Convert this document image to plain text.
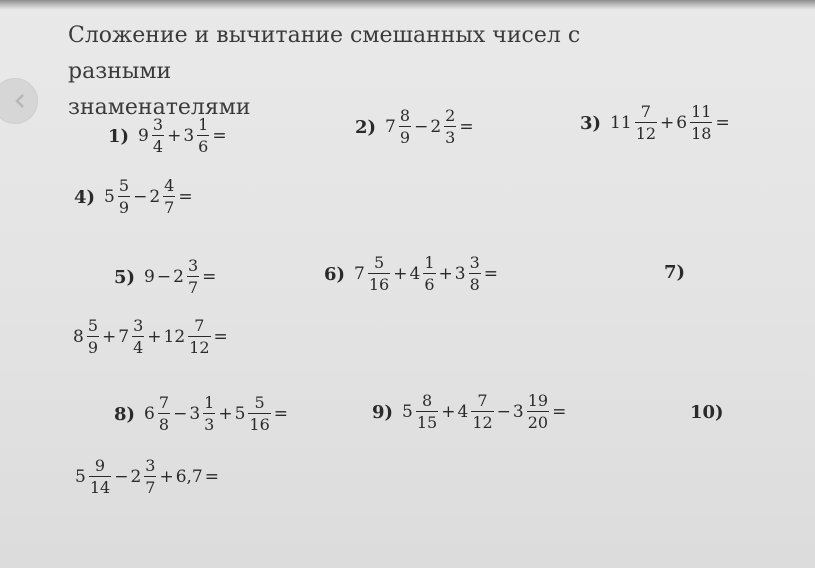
Сложение и вычитание смешанных чисел с разными
знаменателями
1) $9 \frac{3}{4} + 3 \frac{1}{6}$ =	2) $7 \frac{8}{9} - 2 \frac{2}{3}$ =	3) $11 \frac{7}{12} + 6 \frac{11}{18}$ =
4) $5 \frac{5}{9} - 2 \frac{4}{7}$ =
5) $9 - 2 \frac{3}{7}$ =	6) $7 \frac{5}{16} + 4 \frac{1}{6} + 3 \frac{3}{8}$ =	7)
$8 \frac{5}{9} + 7 \frac{3}{4} + 12 \frac{7}{12}$ =
8) $6 \frac{7}{8} - 3 \frac{1}{3} + 5 \frac{5}{16}$ =	9) $5 \frac{8}{15} + 4 \frac{7}{12} - 3 \frac{19}{20}$ =	10)
$5 \frac{9}{14} - 2 \frac{3}{7} + 6,7$ =
